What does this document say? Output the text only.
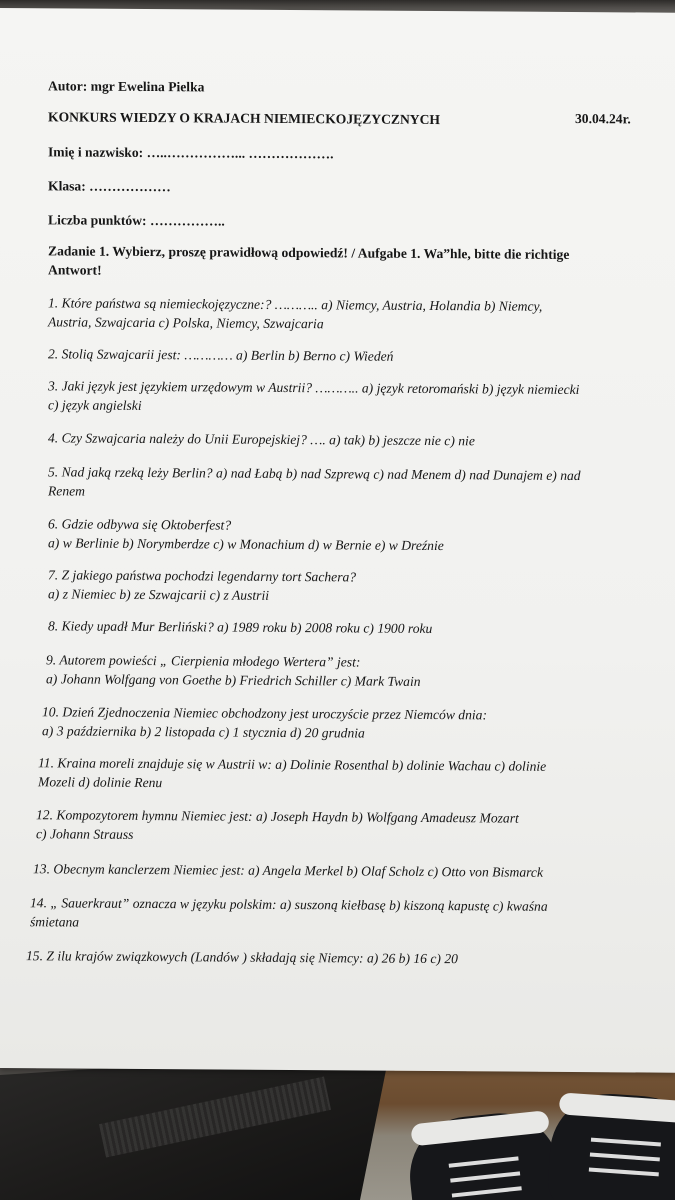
Autor: mgr Ewelina Pielka
KONKURS WIEDZY O KRAJACH NIEMIECKOJĘZYCZNYCH	30.04.24r.
Imię i nazwisko: …..……………... ……………….
Klasa: ………………
Liczba punktów: ……………..
Zadanie 1. Wybierz, proszę prawidłową odpowiedź! / Aufgabe 1. Wa”hle, bitte die richtige
Antwort!
1. Które państwa są niemieckojęzyczne:? ……….. a) Niemcy, Austria, Holandia b) Niemcy,
Austria, Szwajcaria c) Polska, Niemcy, Szwajcaria
2. Stolią Szwajcarii jest: ………… a) Berlin b) Berno c) Wiedeń
3. Jaki język jest językiem urzędowym w Austrii? ……….. a) język retoromański b) język niemiecki
c) język angielski
4. Czy Szwajcaria należy do Unii Europejskiej? …. a) tak) b) jeszcze nie c) nie
5. Nad jaką rzeką leży Berlin? a) nad Łabą b) nad Szprewą c) nad Menem d) nad Dunajem e) nad
Renem
6. Gdzie odbywa się Oktoberfest?
a) w Berlinie b) Norymberdze c) w Monachium d) w Bernie e) w Dreźnie
7. Z jakiego państwa pochodzi legendarny tort Sachera?
a) z Niemiec b) ze Szwajcarii c) z Austrii
8. Kiedy upadł Mur Berliński? a) 1989 roku b) 2008 roku c) 1900 roku
9. Autorem powieści „ Cierpienia młodego Wertera” jest:
a) Johann Wolfgang von Goethe b) Friedrich Schiller c) Mark Twain
10. Dzień Zjednoczenia Niemiec obchodzony jest uroczyście przez Niemców dnia:
a) 3 października b) 2 listopada c) 1 stycznia d) 20 grudnia
11. Kraina moreli znajduje się w Austrii w: a) Dolinie Rosenthal b) dolinie Wachau c) dolinie
Mozeli d) dolinie Renu
12. Kompozytorem hymnu Niemiec jest: a) Joseph Haydn b) Wolfgang Amadeusz Mozart
c) Johann Strauss
13. Obecnym kanclerzem Niemiec jest: a) Angela Merkel b) Olaf Scholz c) Otto von Bismarck
14. „ Sauerkraut” oznacza w języku polskim: a) suszoną kiełbasę b) kiszoną kapustę c) kwaśna
śmietana
15. Z ilu krajów związkowych (Landów ) składają się Niemcy: a) 26 b) 16 c) 20
